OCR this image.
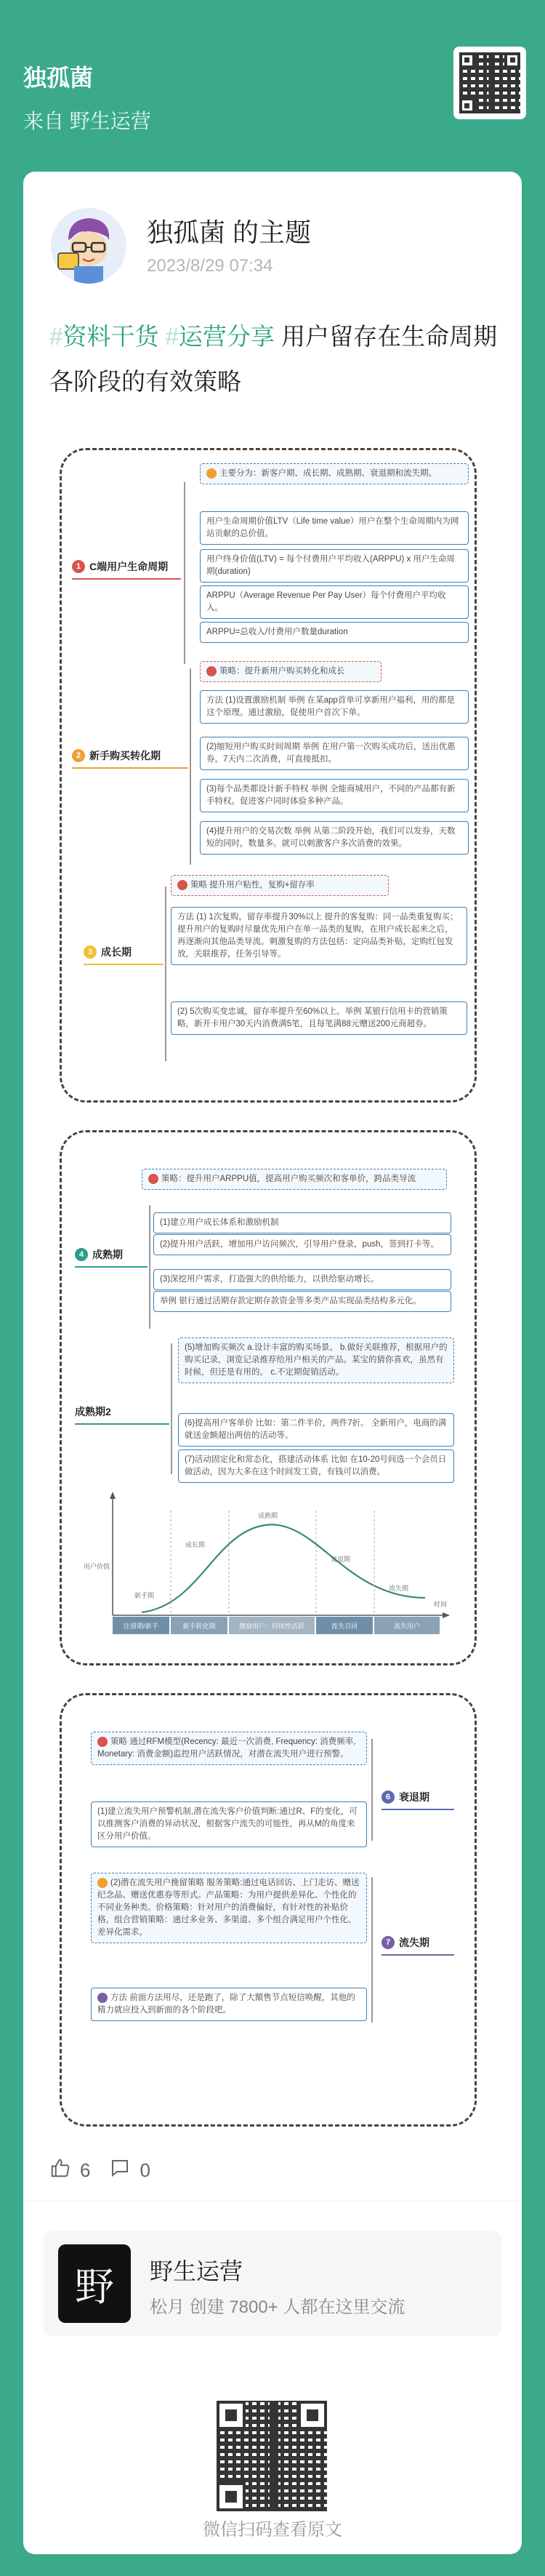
独孤菌
来自 野生运营
独孤菌 的主题
2023/8/29 07:34
#资料干货 #运营分享 用户留存在生命周期各阶段的有效策略
1 C端用户生命周期
主要分为：新客户期、成长期、成熟期、衰退期和流失期。
用户生命周期价值LTV（Life time value）用户在整个生命周期内为网站贡献的总价值。
用户终身价值(LTV) = 每个付费用户平均收入(ARPPU) x 用户生命周期(duration)
ARPPU（Average Revenue Per Pay User）每个付费用户平均收入。
ARPPU=总收入/付费用户数量duration
2 新手购买转化期
策略：提升新用户购买转化和成长
方法 (1)设置激励机制 举例 在某app首单可享新用户福利，用的都是这个原理。通过激励，促使用户首次下单。
(2)缩短用户购买时间周期 举例 在用户第一次购买成功后，送出优惠券，7天内二次消费，可直接抵扣。
(3)每个品类都设计新手特权 举例 全能商城用户，不同的产品都有新手特权。促进客户同时体验多种产品。
(4)提升用户的交易次数 举例 从第二阶段开始，我们可以发券，天数短的同时，数量多。就可以刺激客户多次消费的效果。
3 成长期
策略 提升用户粘性，复购+留存率
方法 (1) 1次复购，留存率提升30%以上 提升的客复购：同一品类重复购买；提升用户的复购时尽量优先用户在单一品类的复购，在用户成长起来之后，再逐渐向其他品类导流。刺激复购的方法包括：定向品类补贴，定购红包发放，关联推荐，任务引导等。
(2) 5次购买变忠诚，留存率提升至60%以上。举例 某银行信用卡的营销策略，新开卡用户30天内消费满5笔，且每笔满88元赠送200元商超券。
策略：提升用户ARPPU值，提高用户购买频次和客单价，跨品类导流
4 成熟期
(1)建立用户成长体系和激励机制
(2)提升用户活跃，增加用户访问频次，引导用户登录，push，签到打卡等。
(3)深挖用户需求，打造强大的供给能力，以供给驱动增长。
举例 银行通过活期存款定期存款资金等多类产品实现品类结构多元化。
成熟期2
(5)增加购买频次 a.设计丰富的购买场景。 b.做好关联推荐，根据用户的购买记录，浏览记录推荐给用户相关的产品。某宝的猜你喜欢，虽然有时候，但还是有用的。 c.不定期促销活动。
(6)提高用户客单价 比如：第二件半价，两件7折。 全新用户，电商的满就送金额超出两倍的活动等。
(7)活动固定化和常态化，搭建活动体系 比如 在10-20号间选一个会员日做活动，因为大多在这个时间发工资，有钱可以消费。
用户价值
时间
新手期
成长期
成熟期
衰退期
流失期
注册期/新手	新手转化期	激励用户：持续性活跃	流失召回	流失用户
策略 通过RFM模型(Recency: 最近一次消费, Frequency: 消费频率, Monetary: 消费金额)监控用户活跃情况，对潜在流失用户进行预警。
6 衰退期
(1)建立流失用户预警机制,潜在流失客户价值判断:通过R、F的变化，可以推测客户消费的异动状况，根据客户流失的可能性，再从M的角度来区分用户价值。
7 流失期
(2)潜在流失用户挽留策略 服务策略:通过电话回访、上门走访、赠送纪念品、赠送优惠券等形式。产品策略：为用户提供差异化、个性化的不同业务种类。价格策略：针对用户的消费偏好，有针对性的补贴价格。组合营销策略：通过多业务、多渠道、多个组合满足用户个性化、差异化需求。
方法 前面方法用尽，还是跑了，除了大額售节点短信唤醒，其他的精力就应投入到新面的各个阶段吧。
6	0
野	野生运营
松月 创建 7800+ 人都在这里交流
微信扫码查看原文
